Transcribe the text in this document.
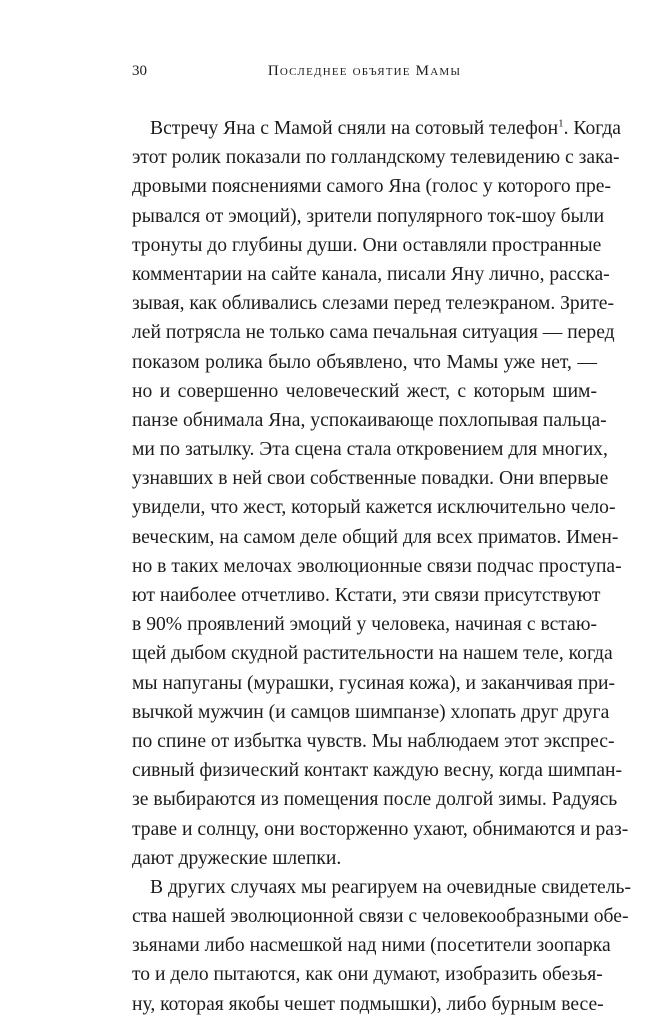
30	Последнее объятие Мамы
Встречу Яна с Мамой сняли на сотовый телефон$^1$. Когда
этот ролик показали по голландскому телевидению с зака-
дровыми пояснениями самого Яна (голос у которого пре-
рывался от эмоций), зрители популярного ток-шоу были
тронуты до глубины души. Они оставляли пространные
комментарии на сайте канала, писали Яну лично, расска-
зывая, как обливались слезами перед телеэкраном. Зрите-
лей потрясла не только сама печальная ситуация — перед
показом ролика было объявлено, что Мамы уже нет, —
но и совершенно человеческий жест, с которым шим-
панзе обнимала Яна, успокаивающе похлопывая пальца-
ми по затылку. Эта сцена стала откровением для многих,
узнавших в ней свои собственные повадки. Они впервые
увидели, что жест, который кажется исключительно чело-
веческим, на самом деле общий для всех приматов. Имен-
но в таких мелочах эволюционные связи подчас проступа-
ют наиболее отчетливо. Кстати, эти связи присутствуют
в 90% проявлений эмоций у человека, начиная с встаю-
щей дыбом скудной растительности на нашем теле, когда
мы напуганы (мурашки, гусиная кожа), и заканчивая при-
вычкой мужчин (и самцов шимпанзе) хлопать друг друга
по спине от избытка чувств. Мы наблюдаем этот экспрес-
сивный физический контакт каждую весну, когда шимпан-
зе выбираются из помещения после долгой зимы. Радуясь
траве и солнцу, они восторженно ухают, обнимаются и раз-
дают дружеские шлепки.
В других случаях мы реагируем на очевидные свидетель-
ства нашей эволюционной связи с человекообразными обе-
зьянами либо насмешкой над ними (посетители зоопарка
то и дело пытаются, как они думают, изобразить обезья-
ну, которая якобы чешет подмышки), либо бурным весе-
